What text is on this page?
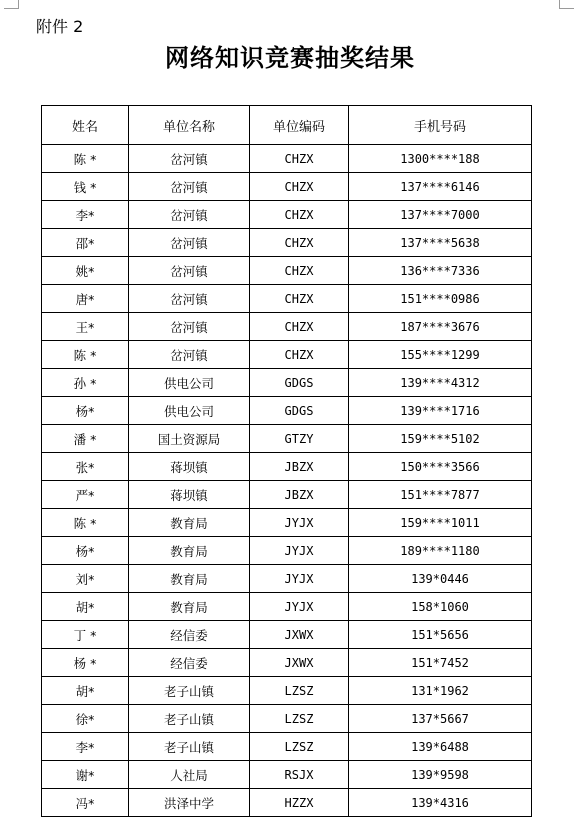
附件 2
网络知识竞赛抽奖结果
姓名	单位名称	单位编码	手机号码
陈 *	岔河镇	CHZX	1300****188
钱 *	岔河镇	CHZX	137****6146
李*	岔河镇	CHZX	137****7000
邵*	岔河镇	CHZX	137****5638
姚*	岔河镇	CHZX	136****7336
唐*	岔河镇	CHZX	151****0986
王*	岔河镇	CHZX	187****3676
陈 *	岔河镇	CHZX	155****1299
孙 *	供电公司	GDGS	139****4312
杨*	供电公司	GDGS	139****1716
潘 *	国土资源局	GTZY	159****5102
张*	蒋坝镇	JBZX	150****3566
严*	蒋坝镇	JBZX	151****7877
陈 *	教育局	JYJX	159****1011
杨*	教育局	JYJX	189****1180
刘*	教育局	JYJX	139*0446
胡*	教育局	JYJX	158*1060
丁 *	经信委	JXWX	151*5656
杨 *	经信委	JXWX	151*7452
胡*	老子山镇	LZSZ	131*1962
徐*	老子山镇	LZSZ	137*5667
李*	老子山镇	LZSZ	139*6488
谢*	人社局	RSJX	139*9598
冯*	洪泽中学	HZZX	139*4316
